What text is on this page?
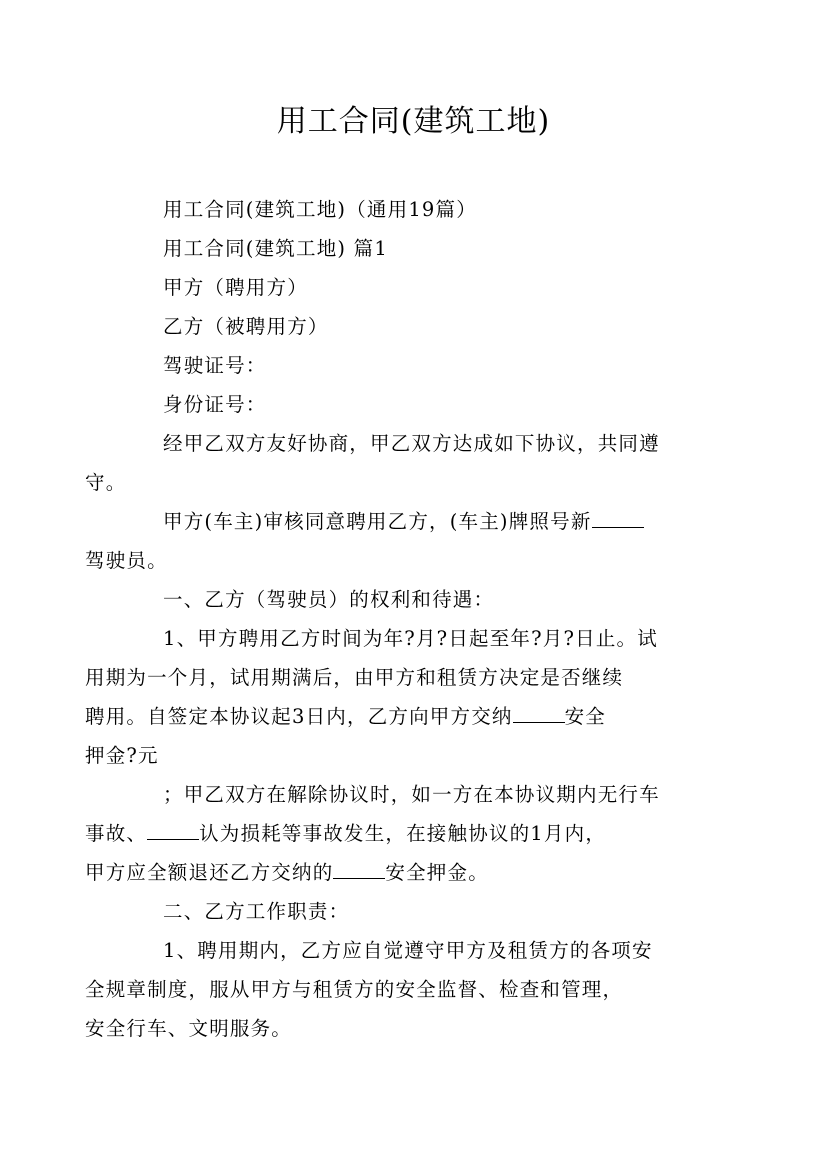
用工合同(建筑工地)

用工合同(建筑工地)（通用19篇）

用工合同(建筑工地) 篇1

甲方（聘用方）

乙方（被聘用方）

驾驶证号：

身份证号：

经甲乙双方友好协商，甲乙双方达成如下协议，共同遵
守。

甲方(车主)审核同意聘用乙方，(车主)牌照号新
驾驶员。

一、乙方（驾驶员）的权利和待遇：

1、甲方聘用乙方时间为年?月?日起至年?月?日止。试
用期为一个月，试用期满后，由甲方和租赁方决定是否继续
聘用。自签定本协议起3日内，乙方向甲方交纳	安全
押金?元

；甲乙双方在解除协议时，如一方在本协议期内无行车
事故、	认为损耗等事故发生，在接触协议的1月内，
甲方应全额退还乙方交纳的	安全押金。

二、乙方工作职责：

1、聘用期内，乙方应自觉遵守甲方及租赁方的各项安
全规章制度，服从甲方与租赁方的安全监督、检查和管理，
安全行车、文明服务。
